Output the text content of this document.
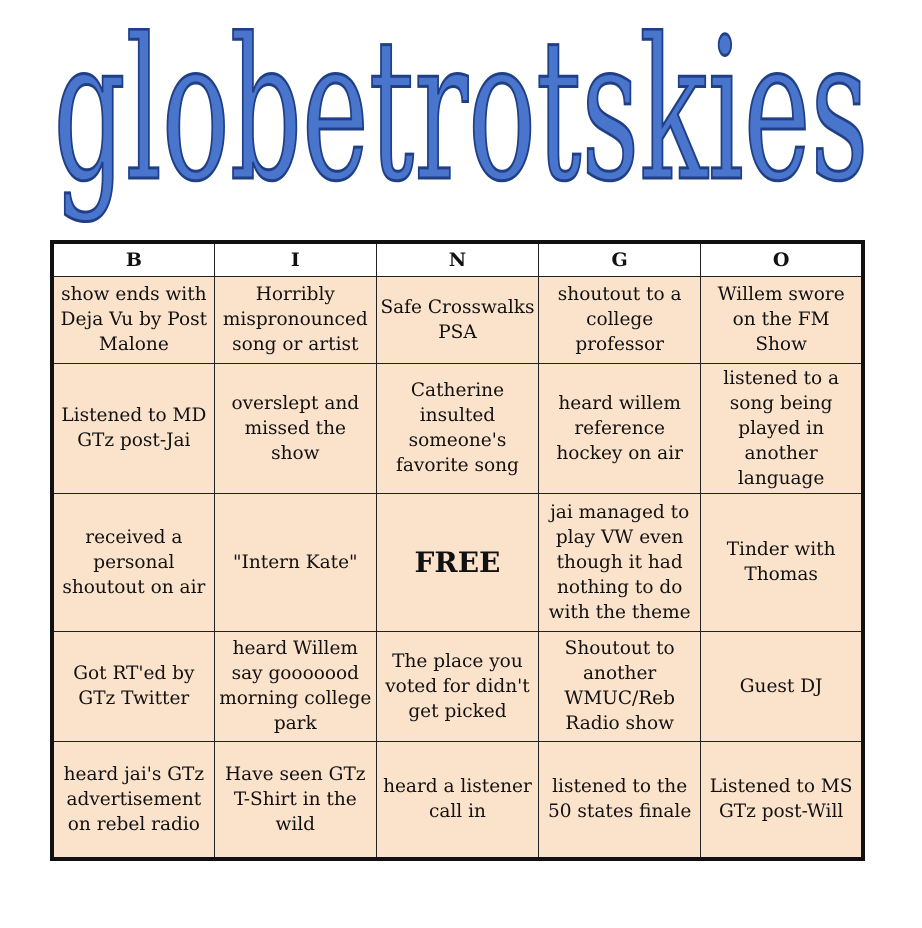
globetrotskies
B	I	N	G	O
show ends with Deja Vu by Post Malone	Horribly mispronounced song or artist	Safe Crosswalks PSA	shoutout to a college professor	Willem swore on the FM Show
Listened to MD GTz post-Jai	overslept and missed the show	Catherine insulted someone's favorite song	heard willem reference hockey on air	listened to a song being played in another language
received a personal shoutout on air	"Intern Kate"	FREE	jai managed to play VW even though it had nothing to do with the theme	Tinder with Thomas
Got RT'ed by GTz Twitter	heard Willem say gooooood morning college park	The place you voted for didn't get picked	Shoutout to another WMUC/Reb Radio show	Guest DJ
heard jai's GTz advertisement on rebel radio	Have seen GTz T-Shirt in the wild	heard a listener call in	listened to the 50 states finale	Listened to MS GTz post-Will
